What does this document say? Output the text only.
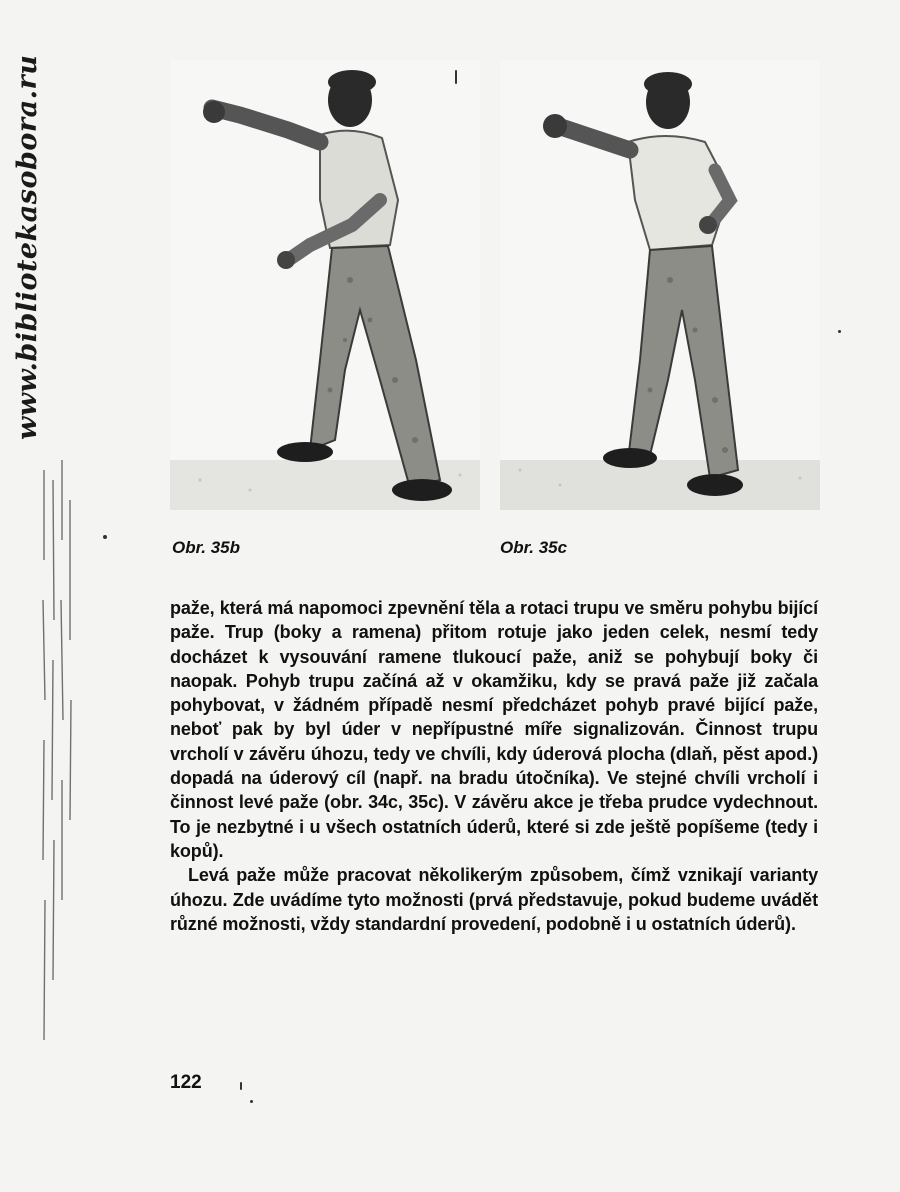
www.bibliotekasobora.ru
Obr. 35b	Obr. 35c

paže, která má napomoci zpevnění těla a rotaci trupu ve směru pohybu bijící paže. Trup (boky a ramena) přitom rotuje jako jeden celek, nesmí tedy docházet k vysouvání ramene tlukoucí paže, aniž se pohybují boky či naopak. Pohyb trupu začíná až v okamžiku, kdy se pravá paže již začala pohybovat, v žádném případě nesmí předcházet pohyb pravé bijící paže, neboť pak by byl úder v nepřípustné míře signalizován. Činnost trupu vrcholí v závěru úhozu, tedy ve chvíli, kdy úderová plocha (dlaň, pěst apod.) dopadá na úderový cíl (např. na bradu útočníka). Ve stejné chvíli vrcholí i činnost levé paže (obr. 34c, 35c). V závěru akce je třeba prudce vydechnout. To je nezbytné i u všech ostatních úderů, které si zde ještě popíšeme (tedy i kopů).

Levá paže může pracovat několikerým způsobem, čímž vznikají varianty úhozu. Zde uvádíme tyto možnosti (prvá představuje, pokud budeme uvádět různé možnosti, vždy standardní provedení, podobně i u ostatních úderů).

122
